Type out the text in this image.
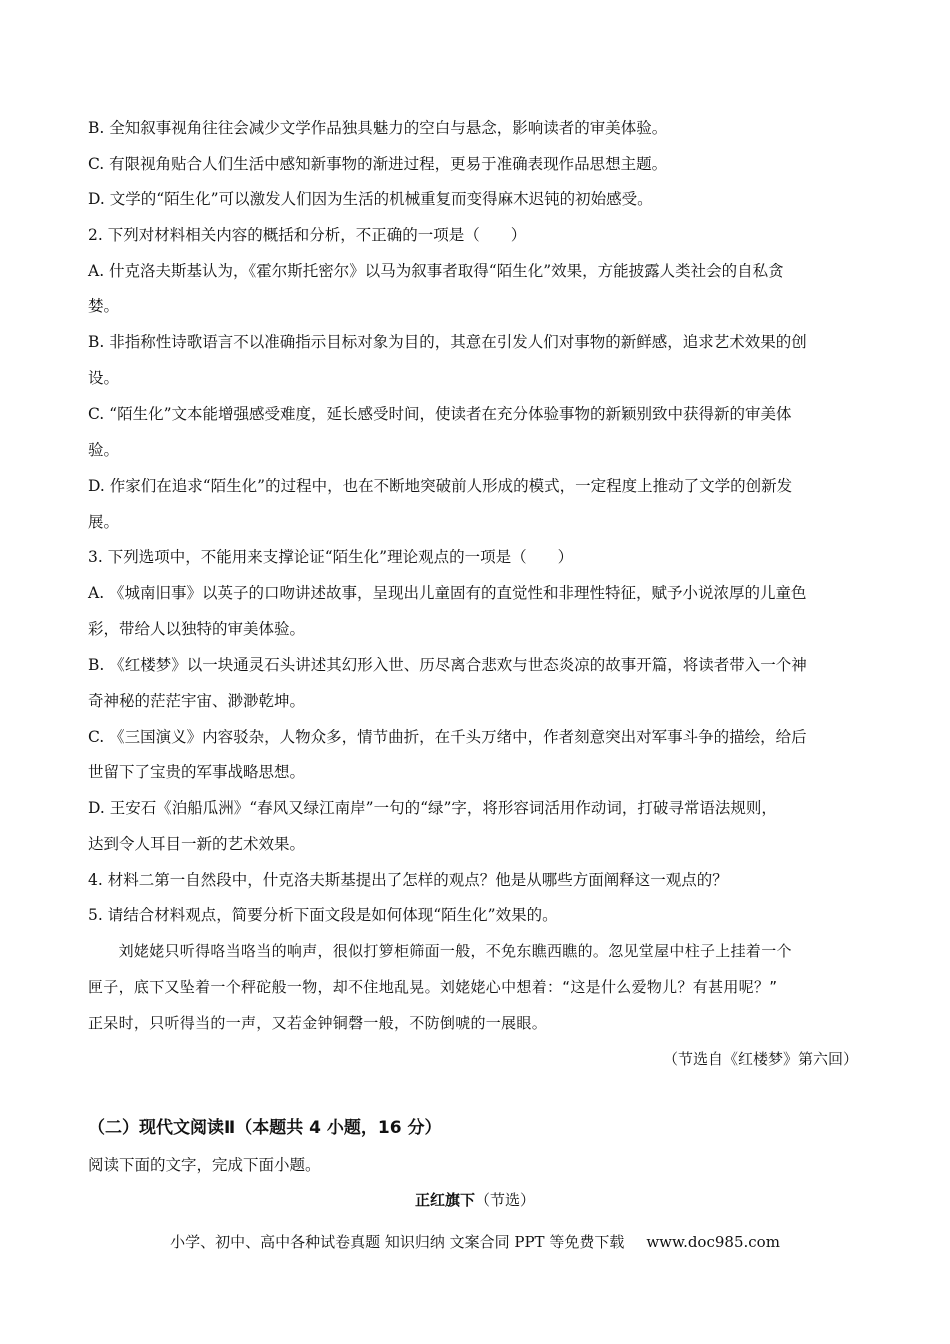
B. 全知叙事视角往往会减少文学作品独具魅力的空白与悬念，影响读者的审美体验。
C. 有限视角贴合人们生活中感知新事物的渐进过程，更易于准确表现作品思想主题。
D. 文学的“陌生化”可以激发人们因为生活的机械重复而变得麻木迟钝的初始感受。
2. 下列对材料相关内容的概括和分析，不正确的一项是（　　）
A. 什克洛夫斯基认为，《霍尔斯托密尔》以马为叙事者取得“陌生化”效果，方能披露人类社会的自私贪
婪。
B. 非指称性诗歌语言不以准确指示目标对象为目的，其意在引发人们对事物的新鲜感，追求艺术效果的创
设。
C. “陌生化”文本能增强感受难度，延长感受时间，使读者在充分体验事物的新颖别致中获得新的审美体
验。
D. 作家们在追求“陌生化”的过程中，也在不断地突破前人形成的模式，一定程度上推动了文学的创新发
展。
3. 下列选项中，不能用来支撑论证“陌生化”理论观点的一项是（　　）
A. 《城南旧事》以英子的口吻讲述故事，呈现出儿童固有的直觉性和非理性特征，赋予小说浓厚的儿童色
彩，带给人以独特的审美体验。
B. 《红楼梦》以一块通灵石头讲述其幻形入世、历尽离合悲欢与世态炎凉的故事开篇，将读者带入一个神
奇神秘的茫茫宇宙、渺渺乾坤。
C. 《三国演义》内容驳杂，人物众多，情节曲折，在千头万绪中，作者刻意突出对军事斗争的描绘，给后
世留下了宝贵的军事战略思想。
D. 王安石《泊船瓜洲》“春风又绿江南岸”一句的“绿”字，将形容词活用作动词，打破寻常语法规则，
达到令人耳目一新的艺术效果。
4. 材料二第一自然段中，什克洛夫斯基提出了怎样的观点？他是从哪些方面阐释这一观点的？
5. 请结合材料观点，简要分析下面文段是如何体现“陌生化”效果的。
　　刘姥姥只听得咯当咯当的响声，很似打箩柜筛面一般，不免东瞧西瞧的。忽见堂屋中柱子上挂着一个
匣子，底下又坠着一个秤砣般一物，却不住地乱晃。刘姥姥心中想着：“这是什么爱物儿？有甚用呢？”
正呆时，只听得当的一声，又若金钟铜磬一般，不防倒唬的一展眼。
（节选自《红楼梦》第六回）
（二）现代文阅读Ⅱ（本题共 4 小题，16 分）
阅读下面的文字，完成下面小题。
正红旗下（节选）
小学、初中、高中各种试卷真题 知识归纳 文案合同 PPT 等免费下载 www.doc985.com
